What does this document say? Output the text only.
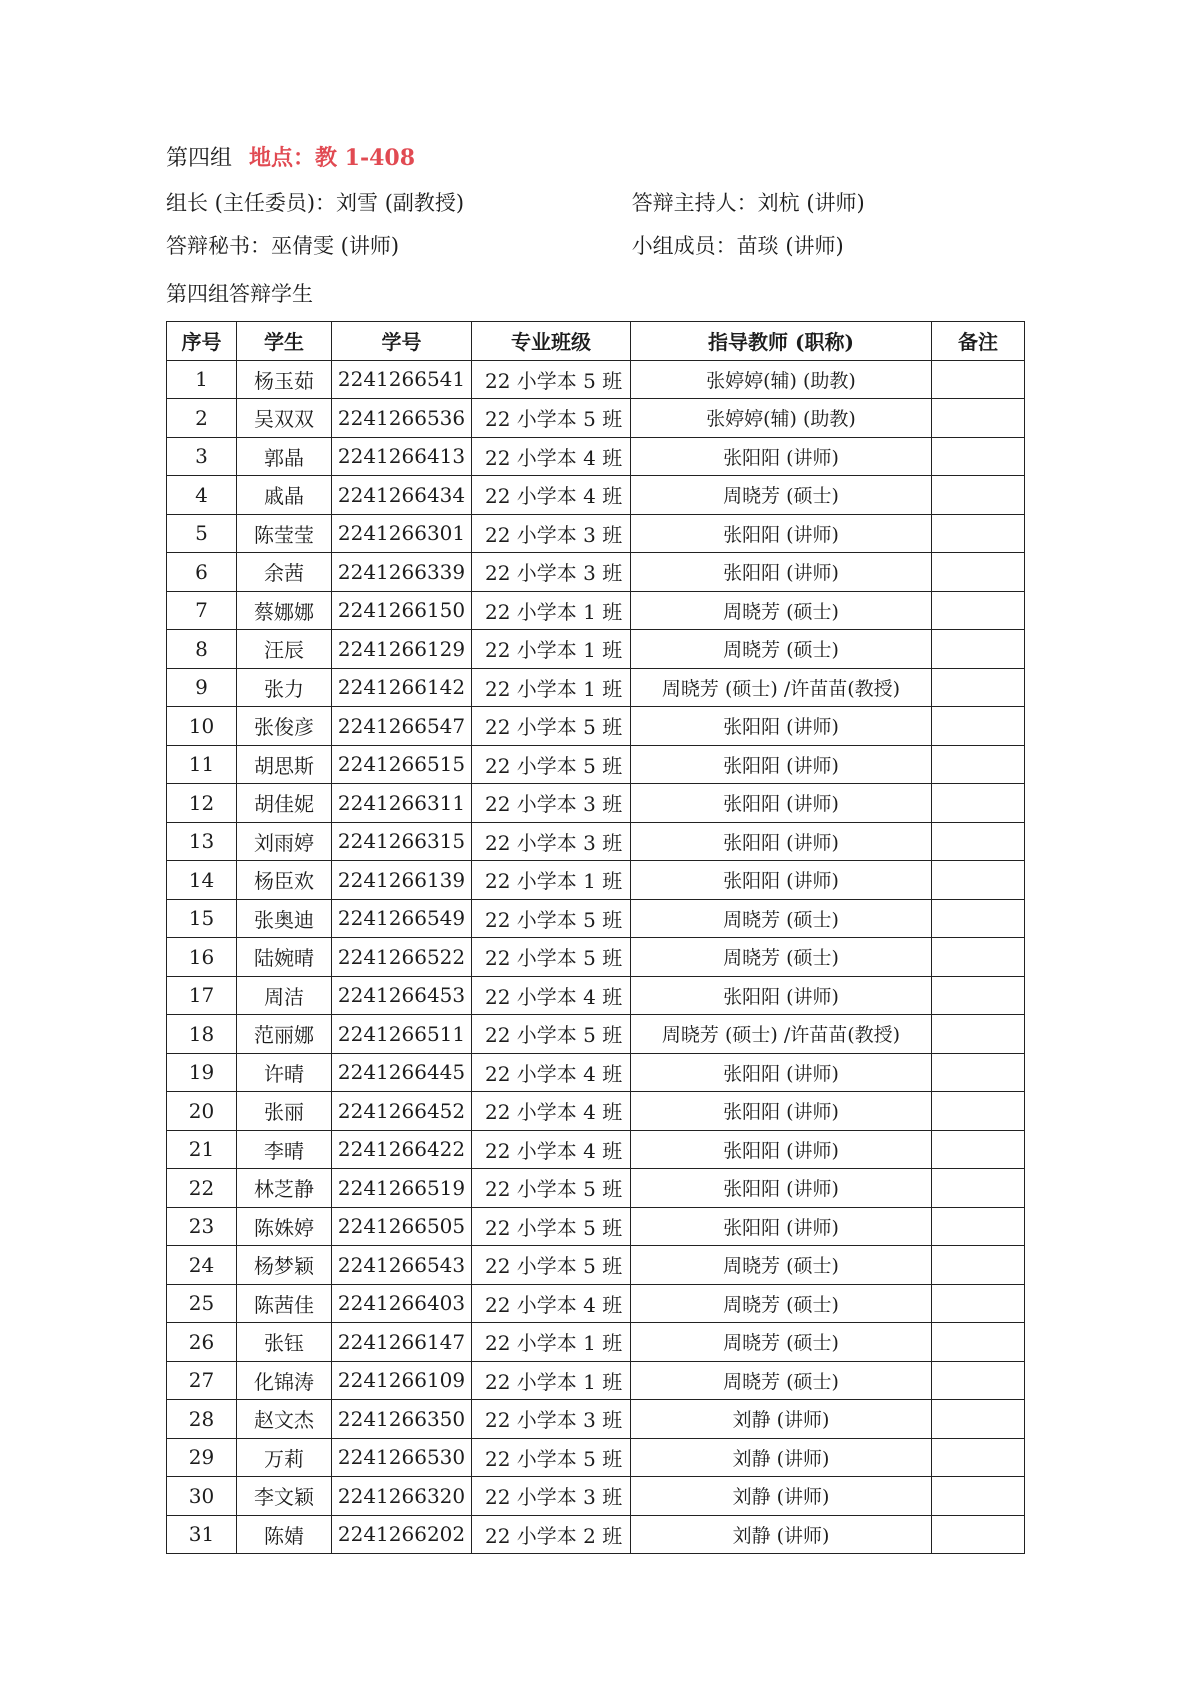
第四组 地点：教 1-408
组长 (主任委员)：刘雪 (副教授)	答辩主持人：刘杭 (讲师)
答辩秘书：巫倩雯 (讲师)	小组成员：苗琰 (讲师)
第四组答辩学生
序号	学生	学号	专业班级	指导教师 (职称)	备注
1	杨玉茹	2241266541	22 小学本 5 班	张婷婷(辅) (助教)	
2	吴双双	2241266536	22 小学本 5 班	张婷婷(辅) (助教)	
3	郭晶	2241266413	22 小学本 4 班	张阳阳 (讲师)	
4	戚晶	2241266434	22 小学本 4 班	周晓芳 (硕士)	
5	陈莹莹	2241266301	22 小学本 3 班	张阳阳 (讲师)	
6	余茜	2241266339	22 小学本 3 班	张阳阳 (讲师)	
7	蔡娜娜	2241266150	22 小学本 1 班	周晓芳 (硕士)	
8	汪辰	2241266129	22 小学本 1 班	周晓芳 (硕士)	
9	张力	2241266142	22 小学本 1 班	周晓芳 (硕士) /许苗苗(教授)	
10	张俊彦	2241266547	22 小学本 5 班	张阳阳 (讲师)	
11	胡思斯	2241266515	22 小学本 5 班	张阳阳 (讲师)	
12	胡佳妮	2241266311	22 小学本 3 班	张阳阳 (讲师)	
13	刘雨婷	2241266315	22 小学本 3 班	张阳阳 (讲师)	
14	杨臣欢	2241266139	22 小学本 1 班	张阳阳 (讲师)	
15	张奥迪	2241266549	22 小学本 5 班	周晓芳 (硕士)	
16	陆婉晴	2241266522	22 小学本 5 班	周晓芳 (硕士)	
17	周洁	2241266453	22 小学本 4 班	张阳阳 (讲师)	
18	范丽娜	2241266511	22 小学本 5 班	周晓芳 (硕士) /许苗苗(教授)	
19	许晴	2241266445	22 小学本 4 班	张阳阳 (讲师)	
20	张丽	2241266452	22 小学本 4 班	张阳阳 (讲师)	
21	李晴	2241266422	22 小学本 4 班	张阳阳 (讲师)	
22	林芝静	2241266519	22 小学本 5 班	张阳阳 (讲师)	
23	陈姝婷	2241266505	22 小学本 5 班	张阳阳 (讲师)	
24	杨梦颖	2241266543	22 小学本 5 班	周晓芳 (硕士)	
25	陈茜佳	2241266403	22 小学本 4 班	周晓芳 (硕士)	
26	张钰	2241266147	22 小学本 1 班	周晓芳 (硕士)	
27	化锦涛	2241266109	22 小学本 1 班	周晓芳 (硕士)	
28	赵文杰	2241266350	22 小学本 3 班	刘静 (讲师)	
29	万莉	2241266530	22 小学本 5 班	刘静 (讲师)	
30	李文颖	2241266320	22 小学本 3 班	刘静 (讲师)	
31	陈婧	2241266202	22 小学本 2 班	刘静 (讲师)	
